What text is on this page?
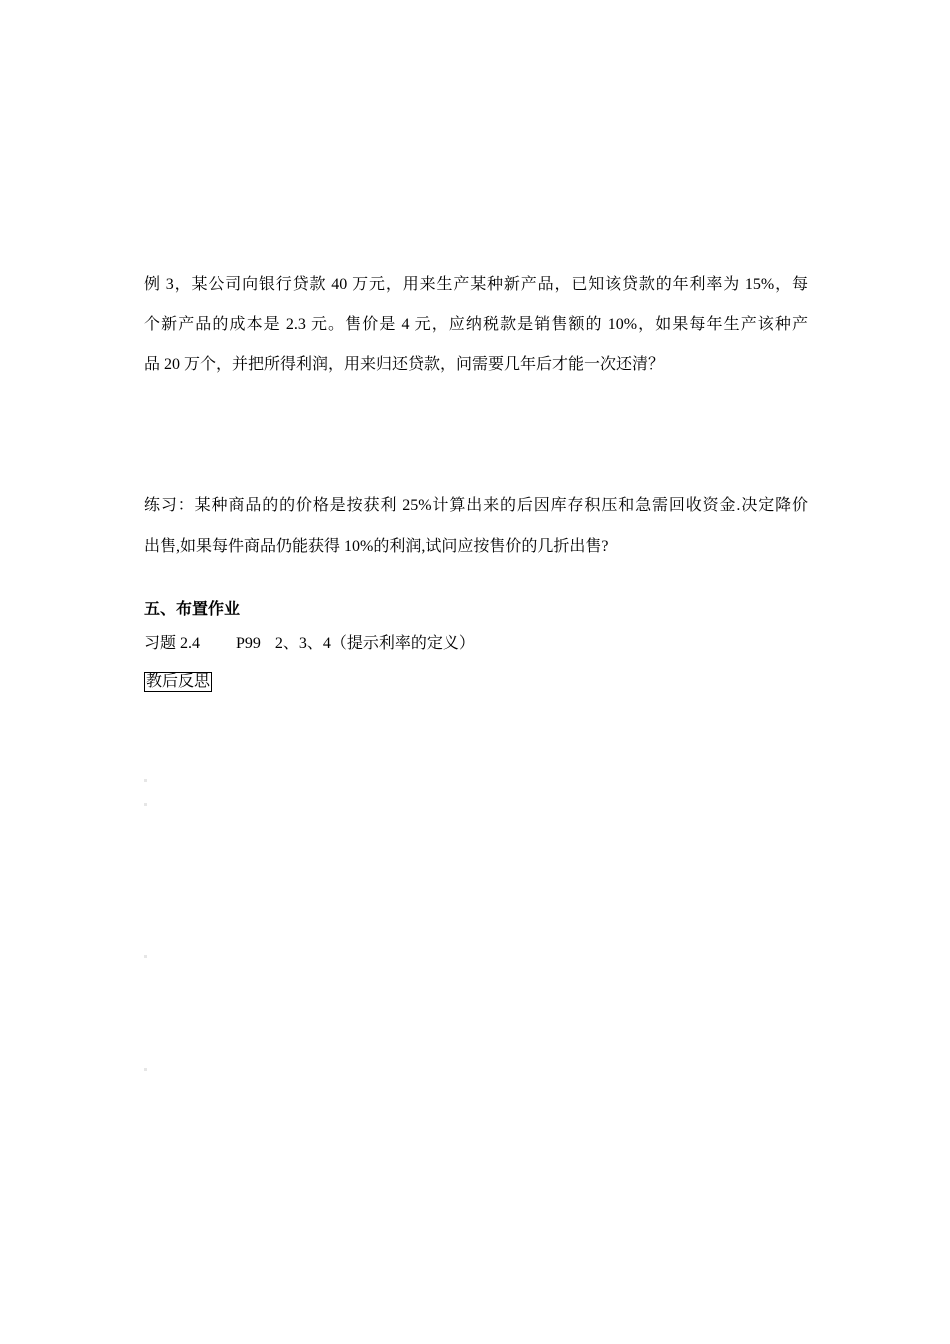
例 3，某公司向银行贷款 40 万元，用来生产某种新产品，已知该贷款的年利率为 15%，每
个新产品的成本是 2.3 元。售价是 4 元，应纳税款是销售额的 10%，如果每年生产该种产
品 20 万个，并把所得利润，用来归还贷款，问需要几年后才能一次还清？
练习：某种商品的的价格是按获利 25%计算出来的后因库存积压和急需回收资金.决定降价
出售,如果每件商品仍能获得 10%的利润,试问应按售价的几折出售?
五、布置作业
习题 2.4 P99 2、3、4（提示利率的定义）
教后反思
